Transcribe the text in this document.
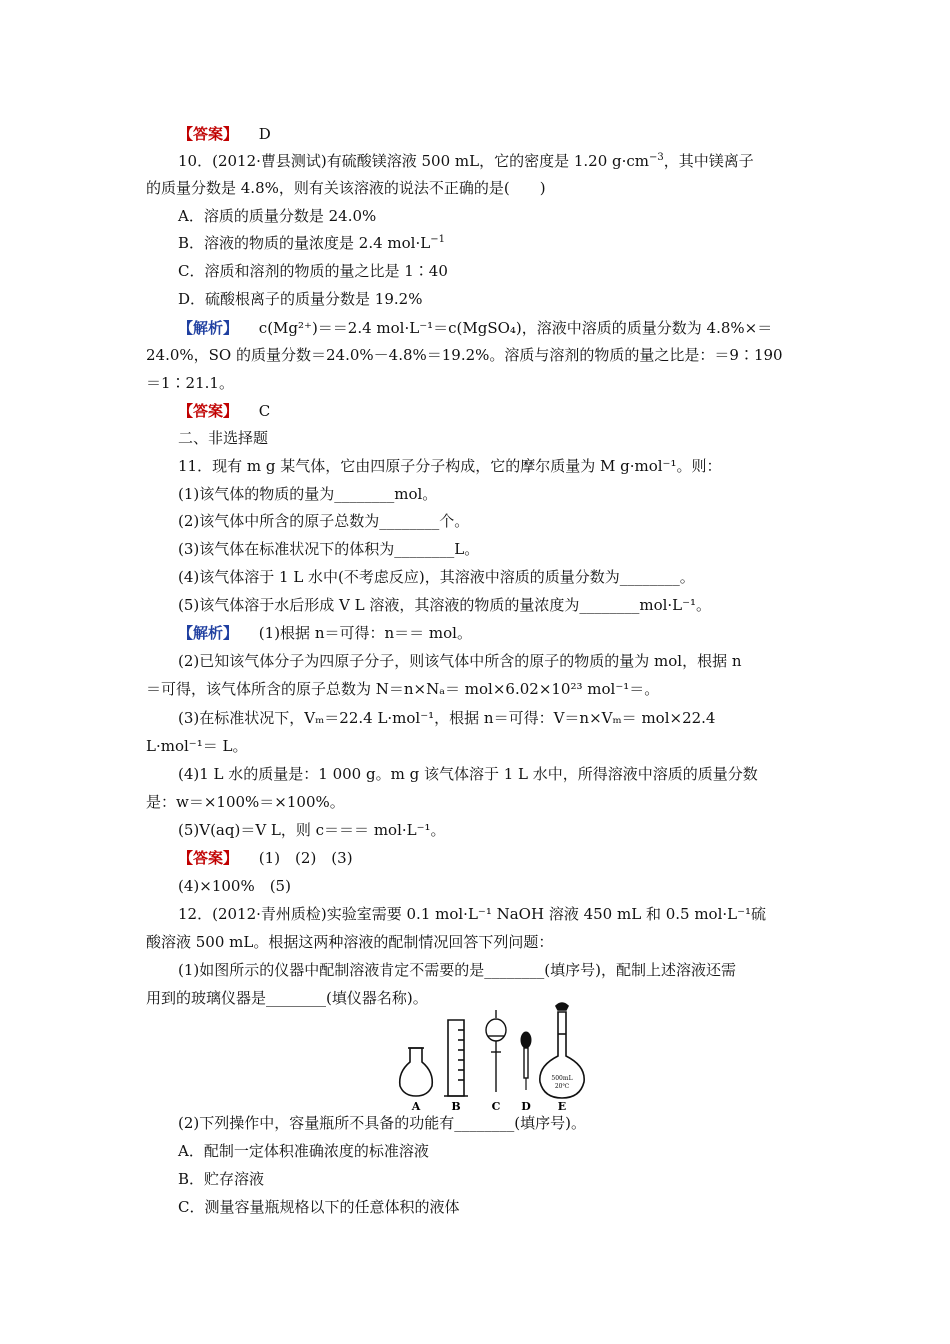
【答案】 D
10．(2012·曹县测试)有硫酸镁溶液 500 mL，它的密度是 1.20 $g\cdot cm^{-3}$，其中镁离子
的质量分数是 4.8%，则有关该溶液的说法不正确的是(　　)
A．溶质的质量分数是 24.0%
B．溶液的物质的量浓度是 2.4 $mol\cdot L^{-1}$
C．溶质和溶剂的物质的量之比是 1∶40
D．硫酸根离子的质量分数是 19.2%
【解析】 c(Mg²⁺)＝＝2.4 mol·L⁻¹＝c(MgSO₄)，溶液中溶质的质量分数为 4.8%×＝
24.0%，SO 的质量分数＝24.0%－4.8%＝19.2%。溶质与溶剂的物质的量之比是：＝9∶190
＝1∶21.1。
【答案】 C
二、非选择题
11．现有 m g 某气体，它由四原子分子构成，它的摩尔质量为 M g·mol⁻¹。则：
(1)该气体的物质的量为________mol。
(2)该气体中所含的原子总数为________个。
(3)该气体在标准状况下的体积为________L。
(4)该气体溶于 1 L 水中(不考虑反应)，其溶液中溶质的质量分数为________。
(5)该气体溶于水后形成 V L 溶液，其溶液的物质的量浓度为________mol·L⁻¹。
【解析】 (1)根据 n＝可得：n＝＝ mol。
(2)已知该气体分子为四原子分子，则该气体中所含的原子的物质的量为 mol，根据 n
＝可得，该气体所含的原子总数为 N＝n×Nₐ＝ mol×6.02×10²³ mol⁻¹＝。
(3)在标准状况下，Vₘ＝22.4 L·mol⁻¹，根据 n＝可得：V＝n×Vₘ＝ mol×22.4
L·mol⁻¹＝ L。
(4)1 L 水的质量是：1 000 g。m g 该气体溶于 1 L 水中，所得溶液中溶质的质量分数
是：w＝×100%＝×100%。
(5)V(aq)＝V L，则 c＝＝＝ mol·L⁻¹。
【答案】 (1)　(2)　(3)
(4)×100%　(5)
12．(2012·青州质检)实验室需要 0.1 mol·L⁻¹ NaOH 溶液 450 mL 和 0.5 mol·L⁻¹硫
酸溶液 500 mL。根据这两种溶液的配制情况回答下列问题：
(1)如图所示的仪器中配制溶液肯定不需要的是________(填序号)，配制上述溶液还需
用到的玻璃仪器是________(填仪器名称)。
500mL
20℃
A	B	C D E
(2)下列操作中，容量瓶所不具备的功能有________(填序号)。
A．配制一定体积准确浓度的标准溶液
B．贮存溶液
C．测量容量瓶规格以下的任意体积的液体
